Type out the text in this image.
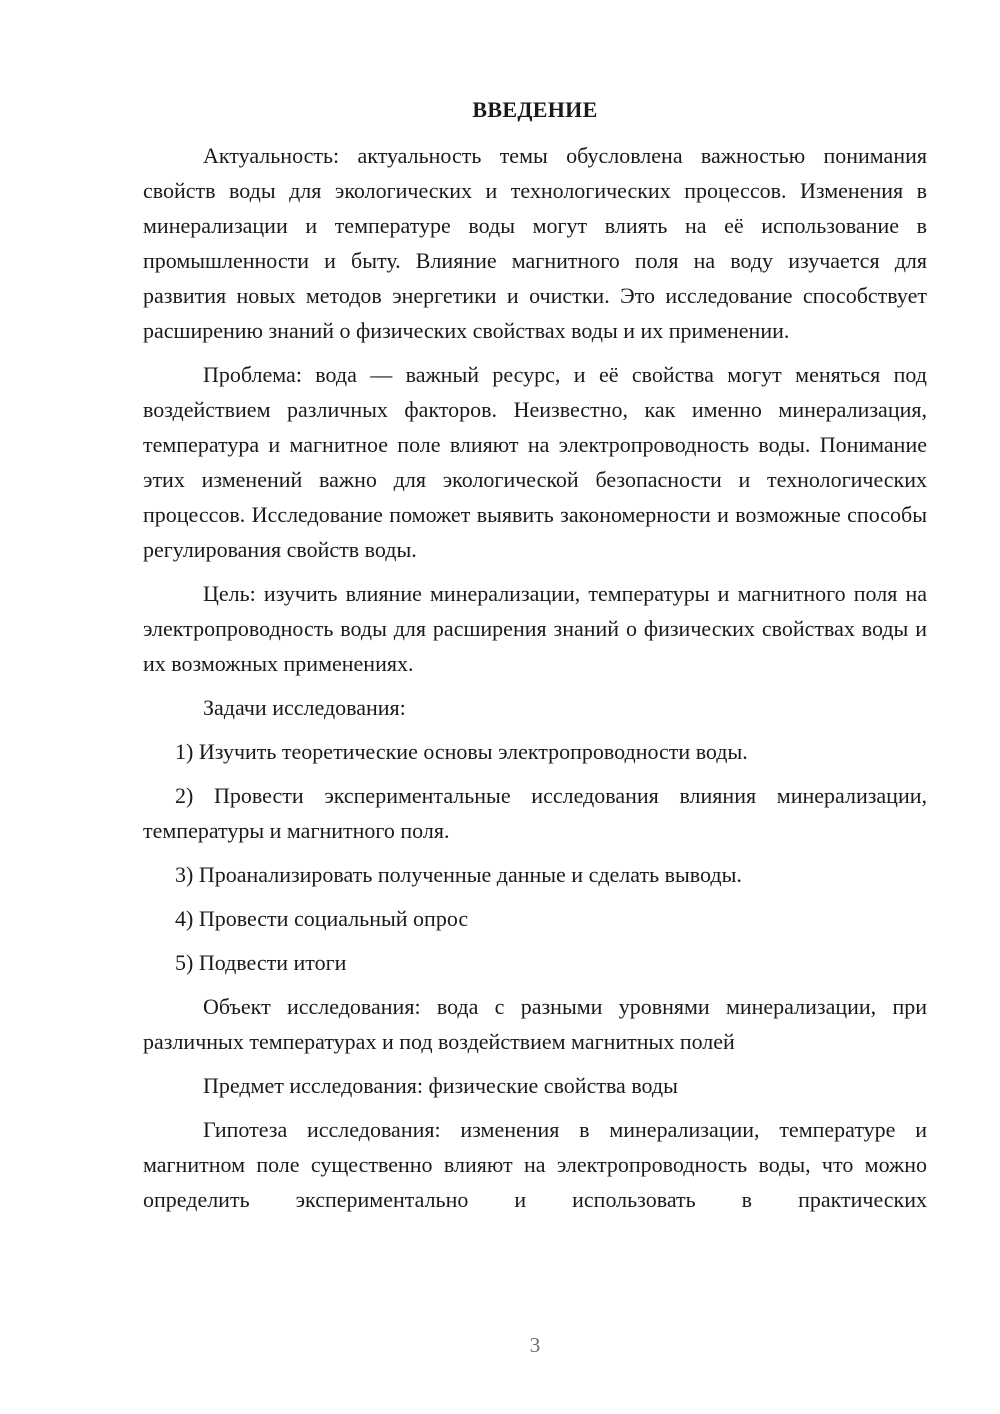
ВВЕДЕНИЕ

Актуальность: актуальность темы обусловлена важностью понимания свойств воды для экологических и технологических процессов. Изменения в минерализации и температуре воды могут влиять на её использование в промышленности и быту. Влияние магнитного поля на воду изучается для развития новых методов энергетики и очистки. Это исследование способствует расширению знаний о физических свойствах воды и их применении.

Проблема: вода — важный ресурс, и её свойства могут меняться под воздействием различных факторов. Неизвестно, как именно минерализация, температура и магнитное поле влияют на электропроводность воды. Понимание этих изменений важно для экологической безопасности и технологических процессов. Исследование поможет выявить закономерности и возможные способы регулирования свойств воды.

Цель: изучить влияние минерализации, температуры и магнитного поля на электропроводность воды для расширения знаний о физических свойствах воды и их возможных применениях.

Задачи исследования:

1) Изучить теоретические основы электропроводности воды.

2) Провести экспериментальные исследования влияния минерализации, температуры и магнитного поля.

3) Проанализировать полученные данные и сделать выводы.

4) Провести социальный опрос

5) Подвести итоги

Объект исследования: вода с разными уровнями минерализации, при различных температурах и под воздействием магнитных полей

Предмет исследования: физические свойства воды

Гипотеза исследования: изменения в минерализации, температуре и магнитном поле существенно влияют на электропроводность воды, что можно определить экспериментально и использовать в практических

3
